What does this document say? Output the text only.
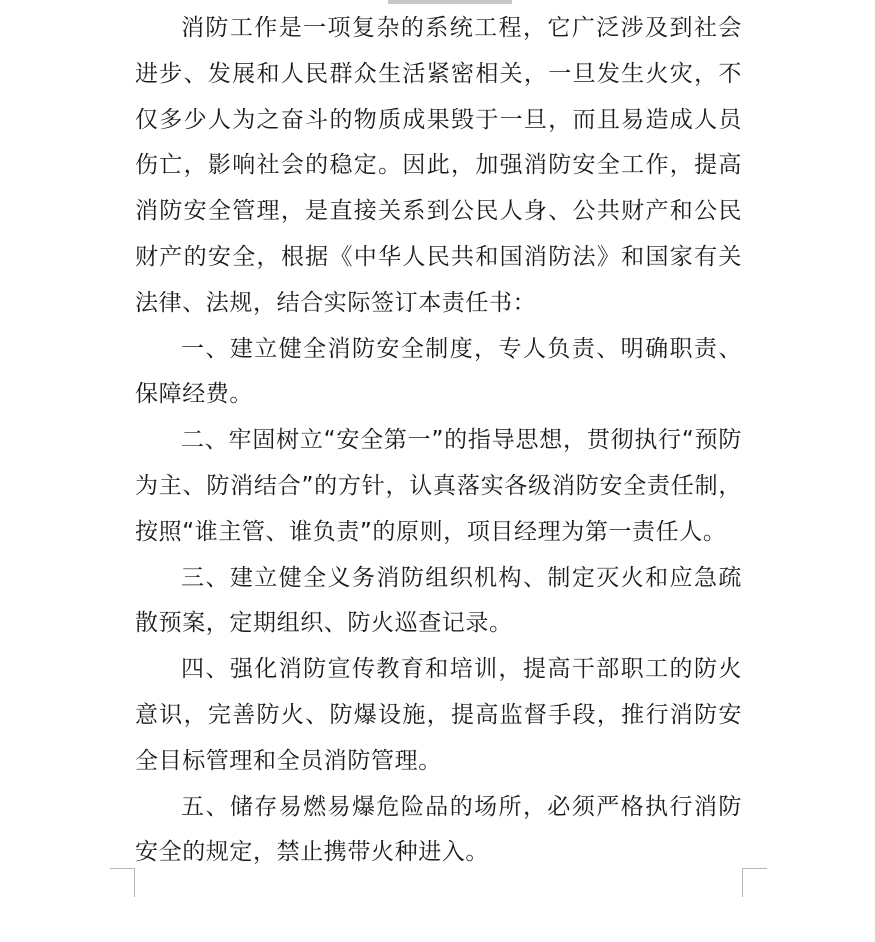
消防工作是一项复杂的系统工程，它广泛涉及到社会进步、发展和人民群众生活紧密相关，一旦发生火灾，不仅多少人为之奋斗的物质成果毁于一旦，而且易造成人员伤亡，影响社会的稳定。因此，加强消防安全工作，提高消防安全管理，是直接关系到公民人身、公共财产和公民财产的安全，根据《中华人民共和国消防法》和国家有关法律、法规，结合实际签订本责任书：

一、建立健全消防安全制度，专人负责、明确职责、保障经费。

二、牢固树立“安全第一”的指导思想，贯彻执行“预防为主、防消结合”的方针，认真落实各级消防安全责任制，按照“谁主管、谁负责”的原则，项目经理为第一责任人。

三、建立健全义务消防组织机构、制定灭火和应急疏散预案，定期组织、防火巡查记录。

四、强化消防宣传教育和培训，提高干部职工的防火意识，完善防火、防爆设施，提高监督手段，推行消防安全目标管理和全员消防管理。

五、储存易燃易爆危险品的场所，必须严格执行消防安全的规定，禁止携带火种进入。
